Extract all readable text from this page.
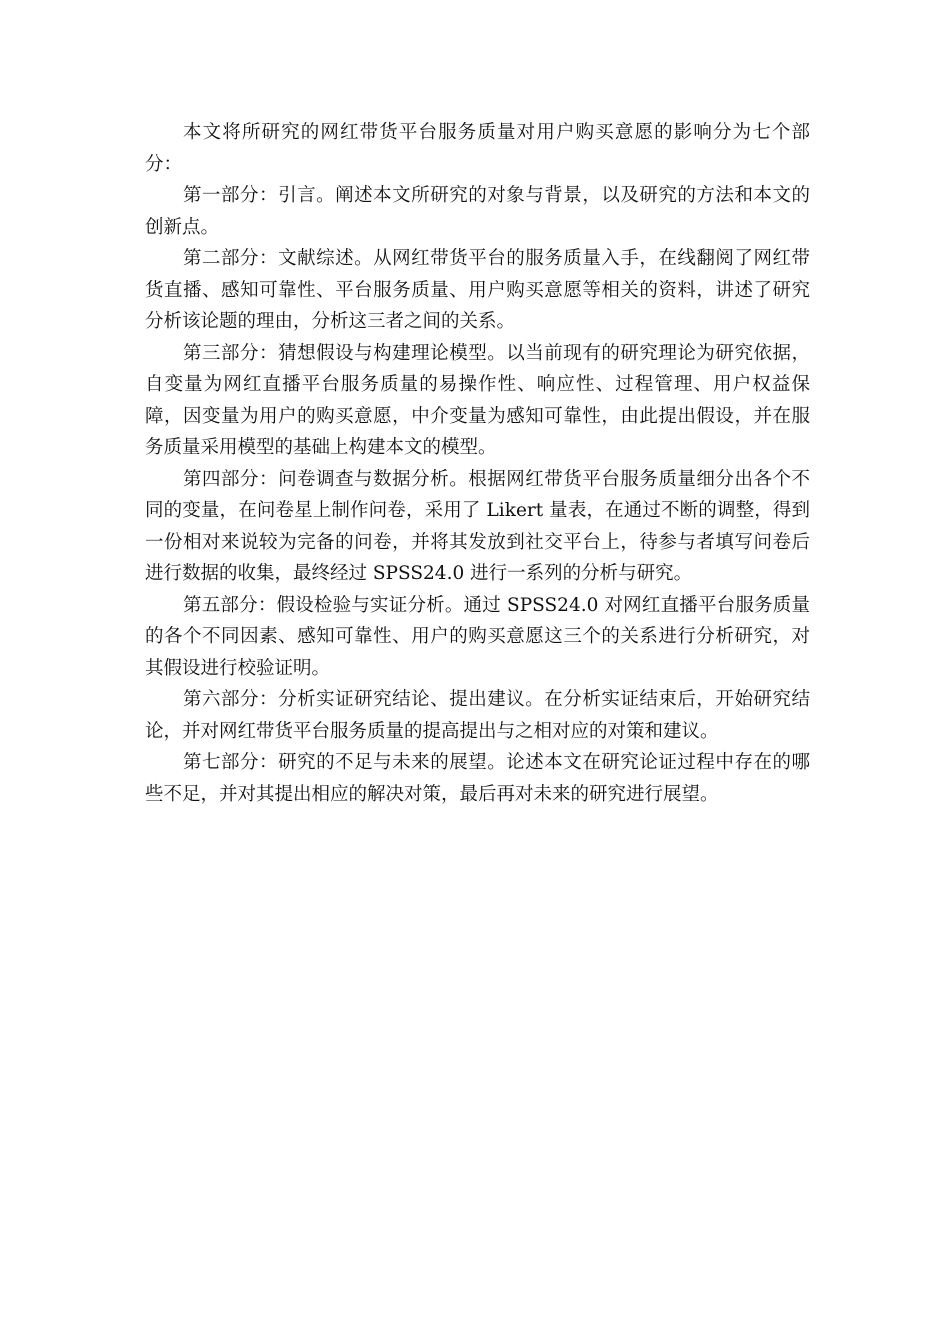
本文将所研究的网红带货平台服务质量对用户购买意愿的影响分为七个部分：

第一部分：引言。阐述本文所研究的对象与背景，以及研究的方法和本文的创新点。

第二部分：文献综述。从网红带货平台的服务质量入手，在线翻阅了网红带货直播、感知可靠性、平台服务质量、用户购买意愿等相关的资料，讲述了研究分析该论题的理由，分析这三者之间的关系。

第三部分：猜想假设与构建理论模型。以当前现有的研究理论为研究依据，自变量为网红直播平台服务质量的易操作性、响应性、过程管理、用户权益保障，因变量为用户的购买意愿，中介变量为感知可靠性，由此提出假设，并在服务质量采用模型的基础上构建本文的模型。

第四部分：问卷调查与数据分析。根据网红带货平台服务质量细分出各个不同的变量，在问卷星上制作问卷，采用了 Likert 量表，在通过不断的调整，得到一份相对来说较为完备的问卷，并将其发放到社交平台上，待参与者填写问卷后进行数据的收集，最终经过 SPSS24.0 进行一系列的分析与研究。

第五部分：假设检验与实证分析。通过 SPSS24.0 对网红直播平台服务质量的各个不同因素、感知可靠性、用户的购买意愿这三个的关系进行分析研究，对其假设进行校验证明。

第六部分：分析实证研究结论、提出建议。在分析实证结束后，开始研究结论，并对网红带货平台服务质量的提高提出与之相对应的对策和建议。

第七部分：研究的不足与未来的展望。论述本文在研究论证过程中存在的哪些不足，并对其提出相应的解决对策，最后再对未来的研究进行展望。
